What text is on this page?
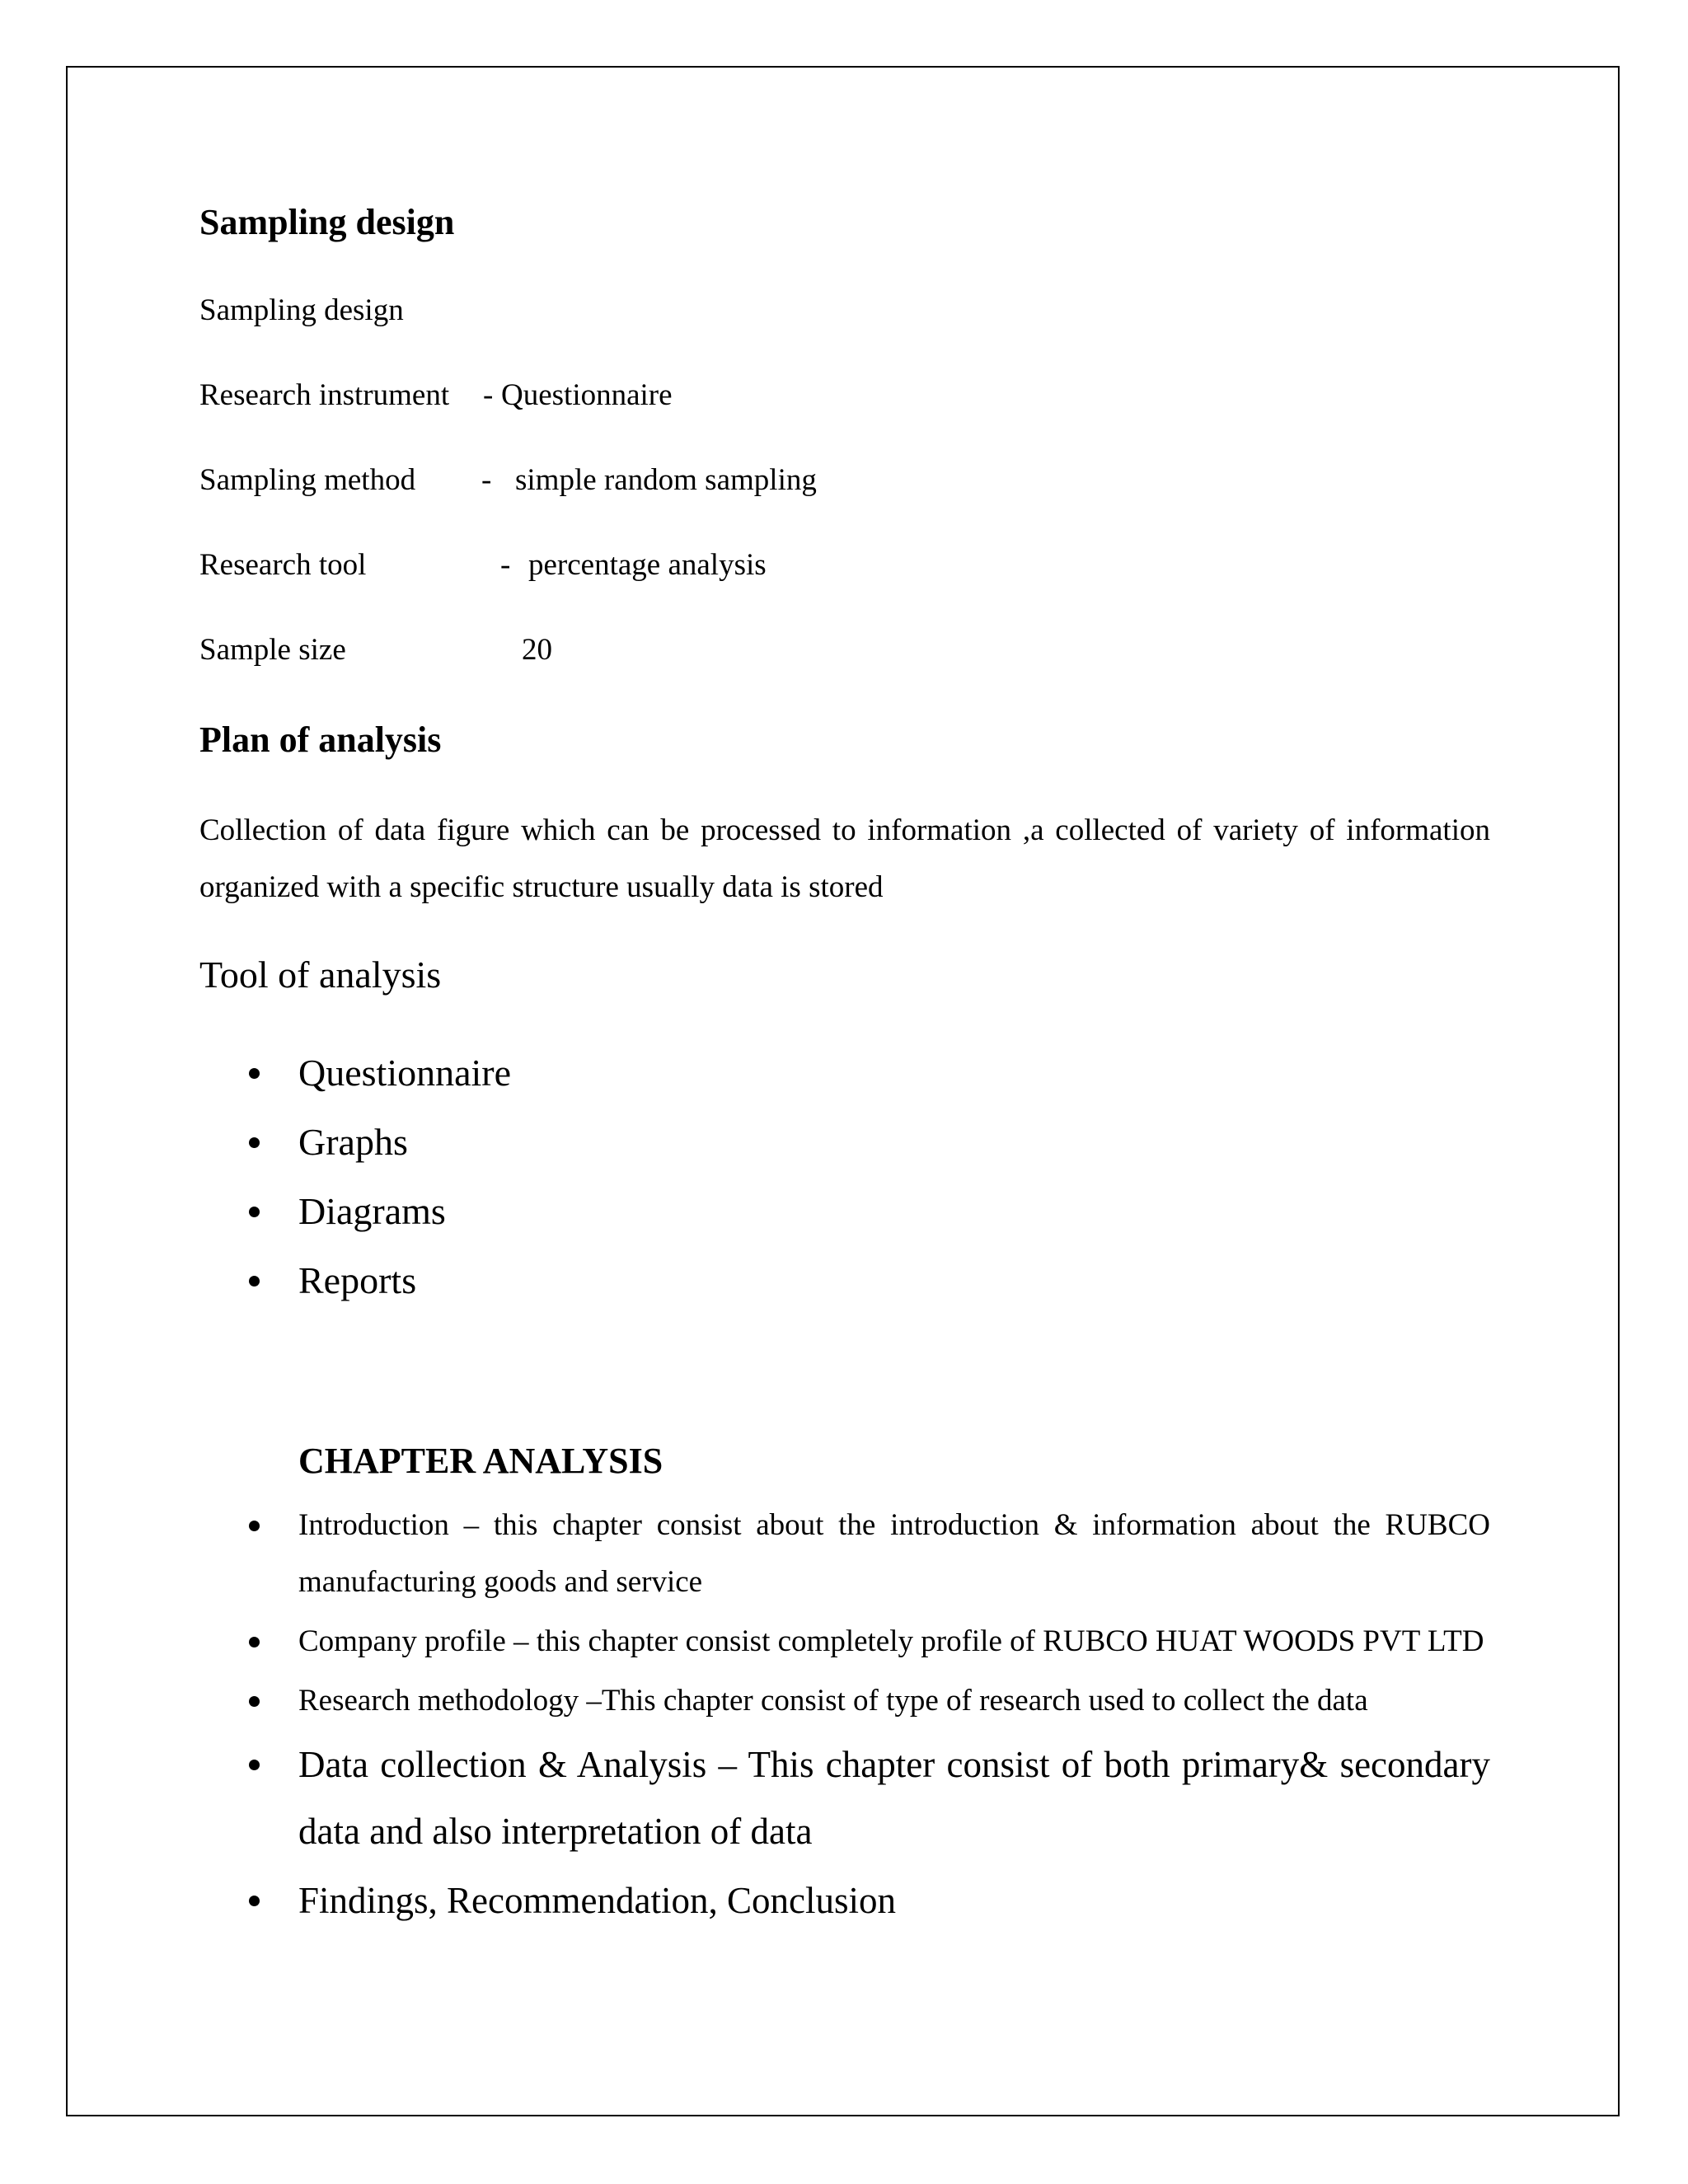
Sampling design
Sampling design
Research instrument - Questionnaire
Sampling method - simple random sampling
Research tool	- percentage analysis
Sample size	20
Plan of analysis
Collection of data figure which can be processed to information ,a collected of variety of information organized with a specific structure usually data is stored
Tool of analysis
Questionnaire
Graphs
Diagrams
Reports
CHAPTER ANALYSIS
Introduction – this chapter consist about the introduction & information about the RUBCO manufacturing goods and service
Company profile – this chapter consist completely profile of RUBCO HUAT WOODS PVT LTD
Research methodology –This chapter consist of type of research used to collect the data
Data collection & Analysis – This chapter consist of both primary& secondary data and also interpretation of data
Findings, Recommendation, Conclusion
